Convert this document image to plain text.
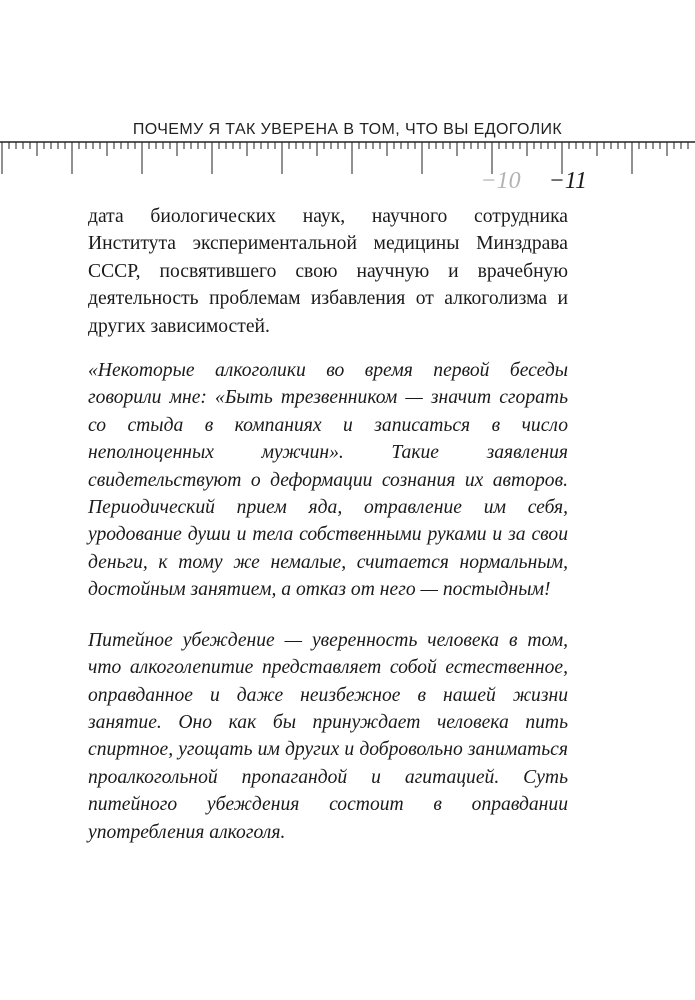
ПОЧЕМУ Я ТАК УВЕРЕНА В ТОМ, ЧТО ВЫ ЕДОГОЛИК
−10 −11

дата биологических наук, научного сотрудника Института экспериментальной медицины Минздрава СССР, посвятившего свою научную и врачебную деятельность проблемам избавления от алкоголизма и других зависимостей.

«Некоторые алкоголики во время первой беседы говорили мне: «Быть трезвенником — значит сгорать со стыда в компаниях и записаться в число неполноценных мужчин». Такие заявления свидетельствуют о деформации сознания их авторов. Периодический прием яда, отравление им себя, уродование души и тела собственными руками и за свои деньги, к тому же немалые, считается нормальным, достойным занятием, а отказ от него — постыдным!

Питейное убеждение — уверенность человека в том, что алкоголепитие представляет собой естественное, оправданное и даже неизбежное в нашей жизни занятие. Оно как бы принуждает человека пить спиртное, угощать им других и добровольно заниматься проалкогольной пропагандой и агитацией. Суть питейного убеждения состоит в оправдании употребления алкоголя.
